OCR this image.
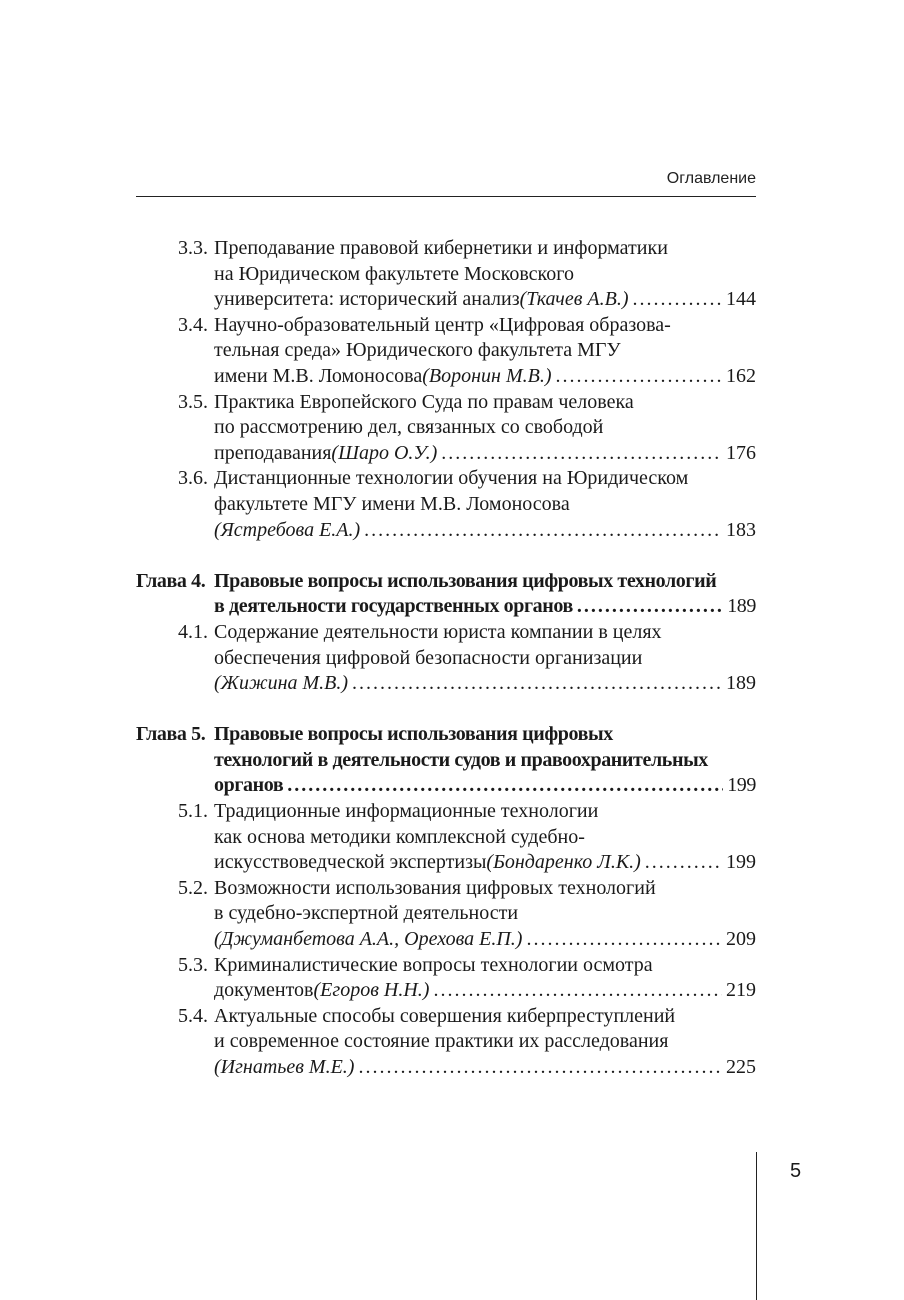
Оглавление
3.3. Преподавание правовой кибернетики и информатики
на Юридическом факультете Московского
университета: исторический анализ (Ткачев А.В.) . . .	144
3.4. Научно-образовательный центр «Цифровая образова-
тельная среда» Юридического факультета МГУ
имени М.В. Ломоносова (Воронин М.В.) . . .	162
3.5. Практика Европейского Суда по правам человека
по рассмотрению дел, связанных со свободой
преподавания (Шаро О.У.) . . .	176
3.6. Дистанционные технологии обучения на Юридическом
факультете МГУ имени М.В. Ломоносова
(Ястребова Е.А.) . . .	183
Глава 4. Правовые вопросы использования цифровых технологий
в деятельности государственных органов . . .	189
4.1. Содержание деятельности юриста компании в целях
обеспечения цифровой безопасности организации
(Жижина М.В.) . . .	189
Глава 5. Правовые вопросы использования цифровых
технологий в деятельности судов и правоохранительных
органов . . .	199
5.1. Традиционные информационные технологии
как основа методики комплексной судебно-
искусствоведческой экспертизы (Бондаренко Л.К.) . . .	199
5.2. Возможности использования цифровых технологий
в судебно-экспертной деятельности
(Джуманбетова А.А., Орехова Е.П.) . . .	209
5.3. Криминалистические вопросы технологии осмотра
документов (Егоров Н.Н.) . . .	219
5.4. Актуальные способы совершения киберпреступлений
и современное состояние практики их расследования
(Игнатьев М.Е.) . . .	225
5
